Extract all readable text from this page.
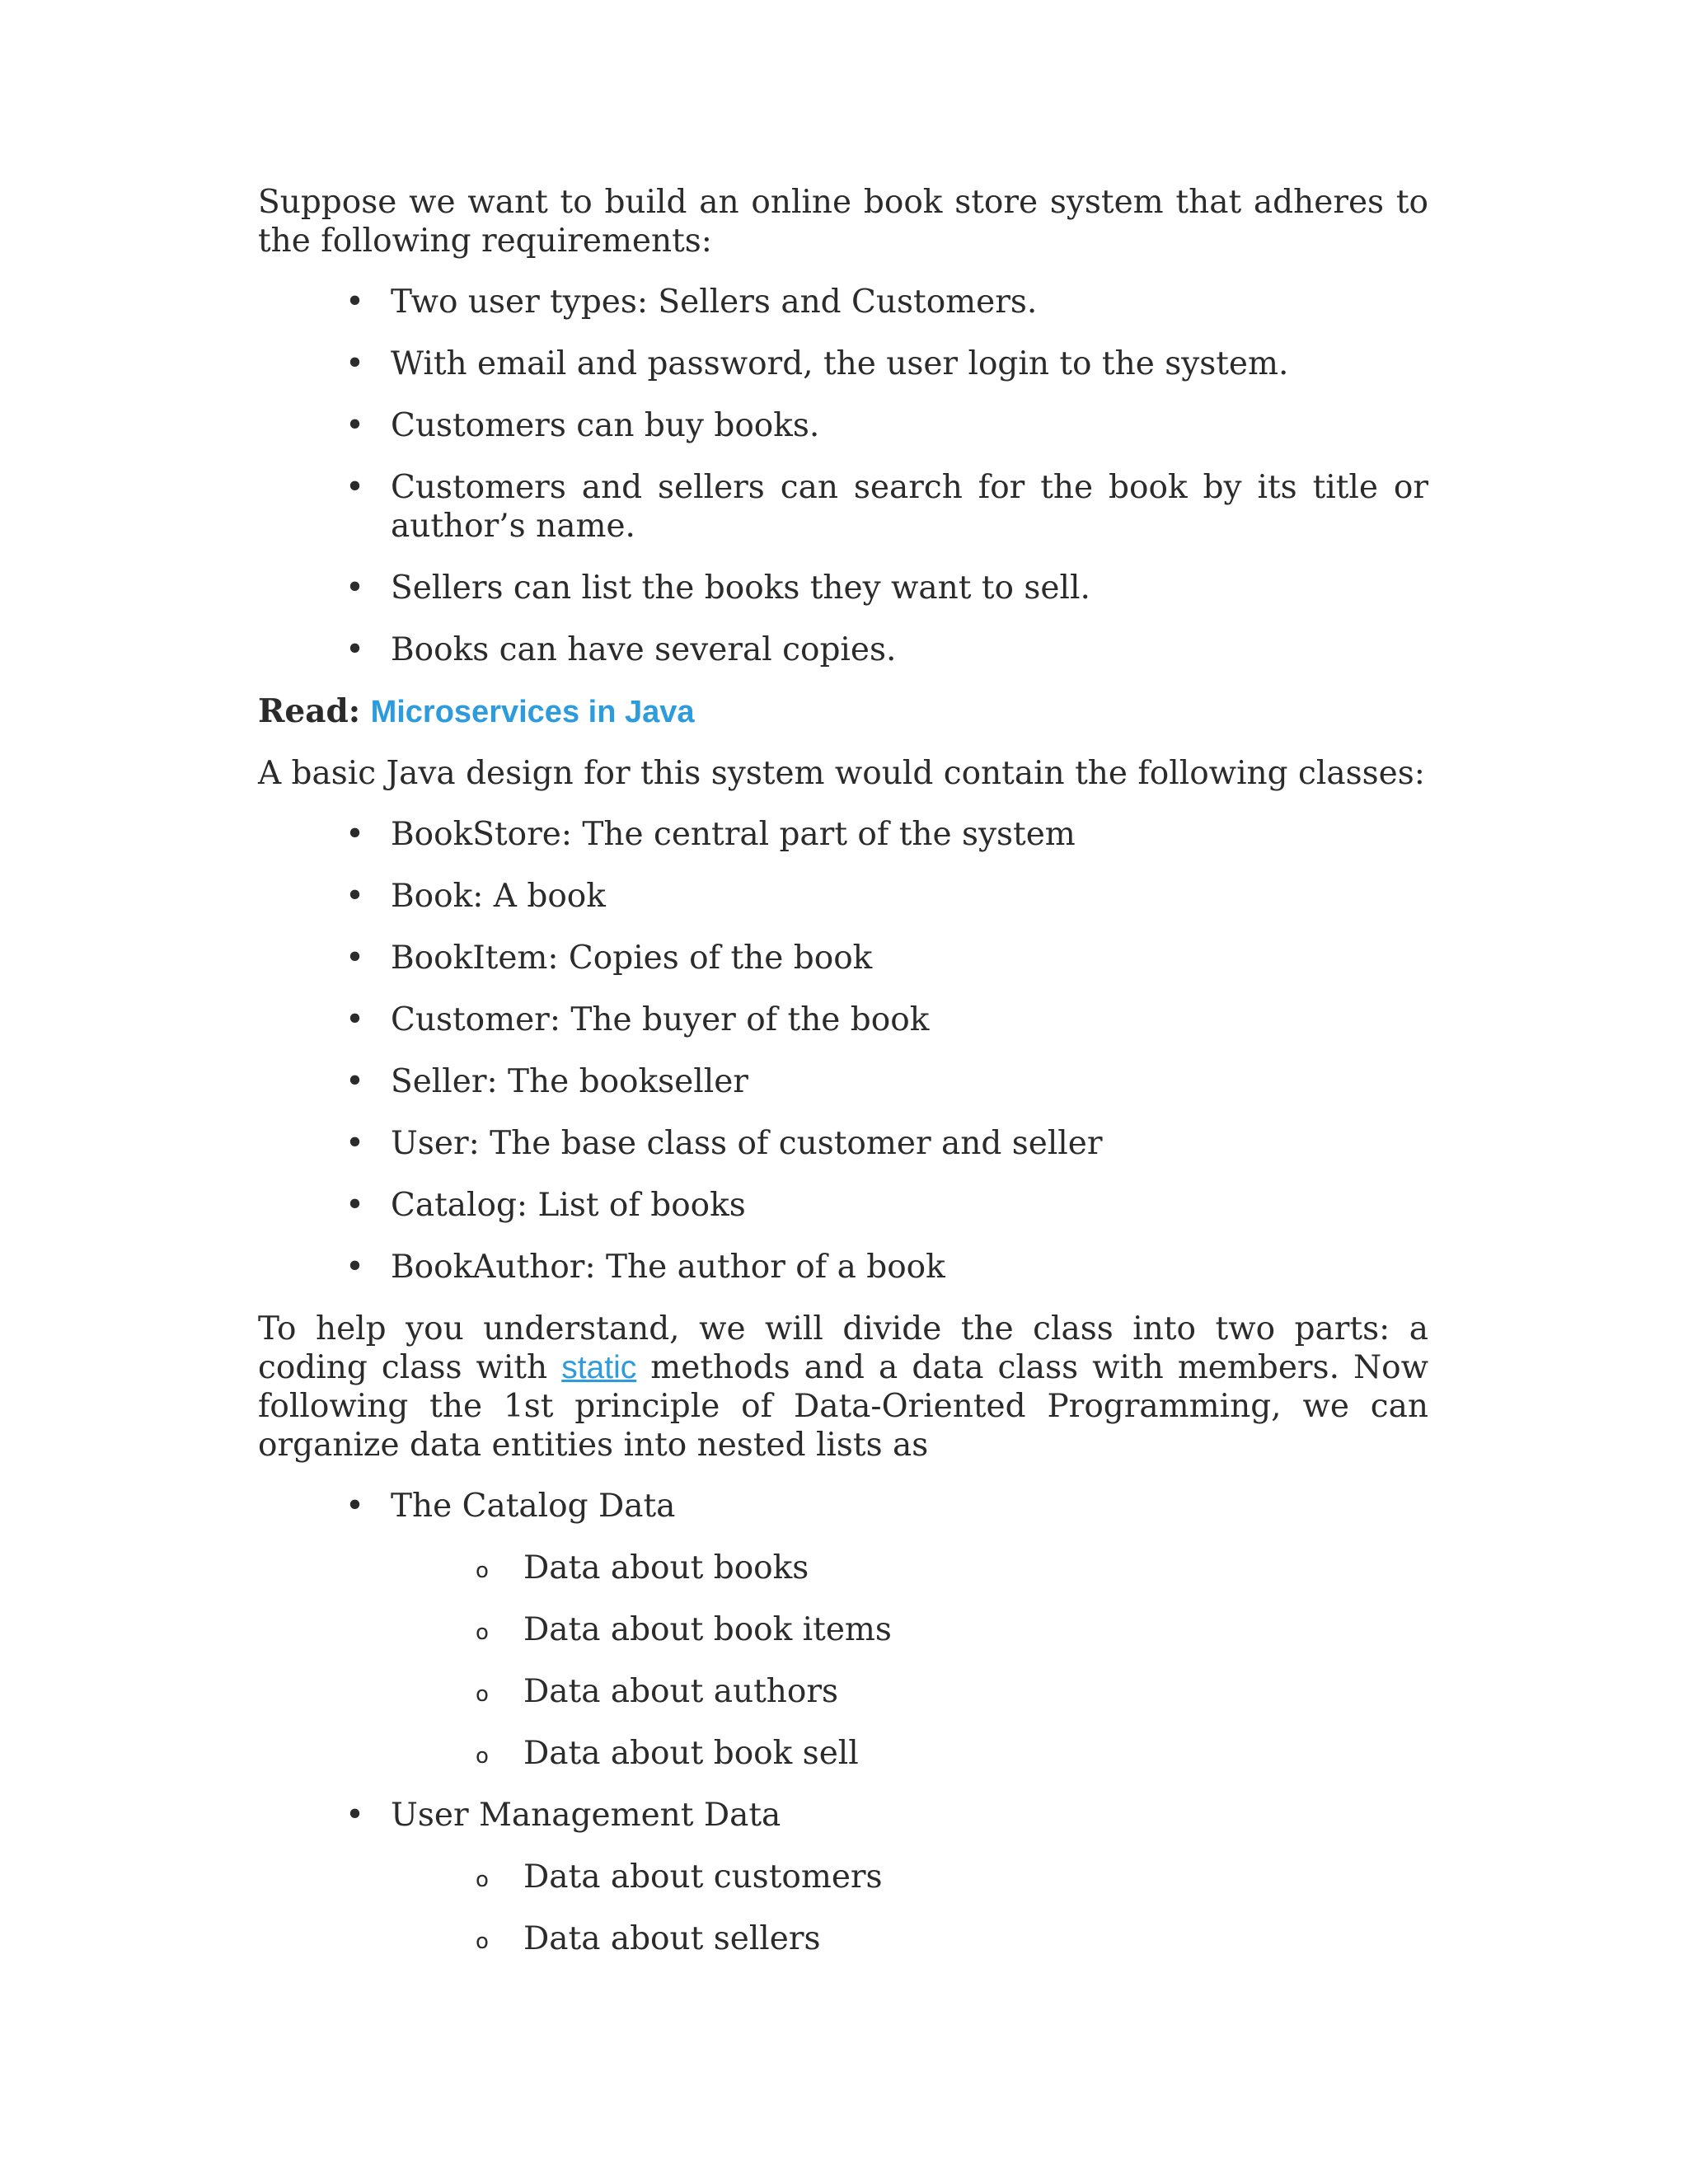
Suppose we want to build an online book store system that adheres to the following requirements:

• Two user types: Sellers and Customers.
• With email and password, the user login to the system.
• Customers can buy books.
• Customers and sellers can search for the book by its title or author’s name.
• Sellers can list the books they want to sell.
• Books can have several copies.
Read: Microservices in Java

A basic Java design for this system would contain the following classes:

• BookStore: The central part of the system
• Book: A book
• BookItem: Copies of the book
• Customer: The buyer of the book
• Seller: The bookseller
• User: The base class of customer and seller
• Catalog: List of books
• BookAuthor: The author of a book

To help you understand, we will divide the class into two parts: a coding class with static methods and a data class with members. Now following the 1st principle of Data-Oriented Programming, we can organize data entities into nested lists as

• The Catalog Data
o Data about books
o Data about book items
o Data about authors
o Data about book sell
• User Management Data
o Data about customers
o Data about sellers
